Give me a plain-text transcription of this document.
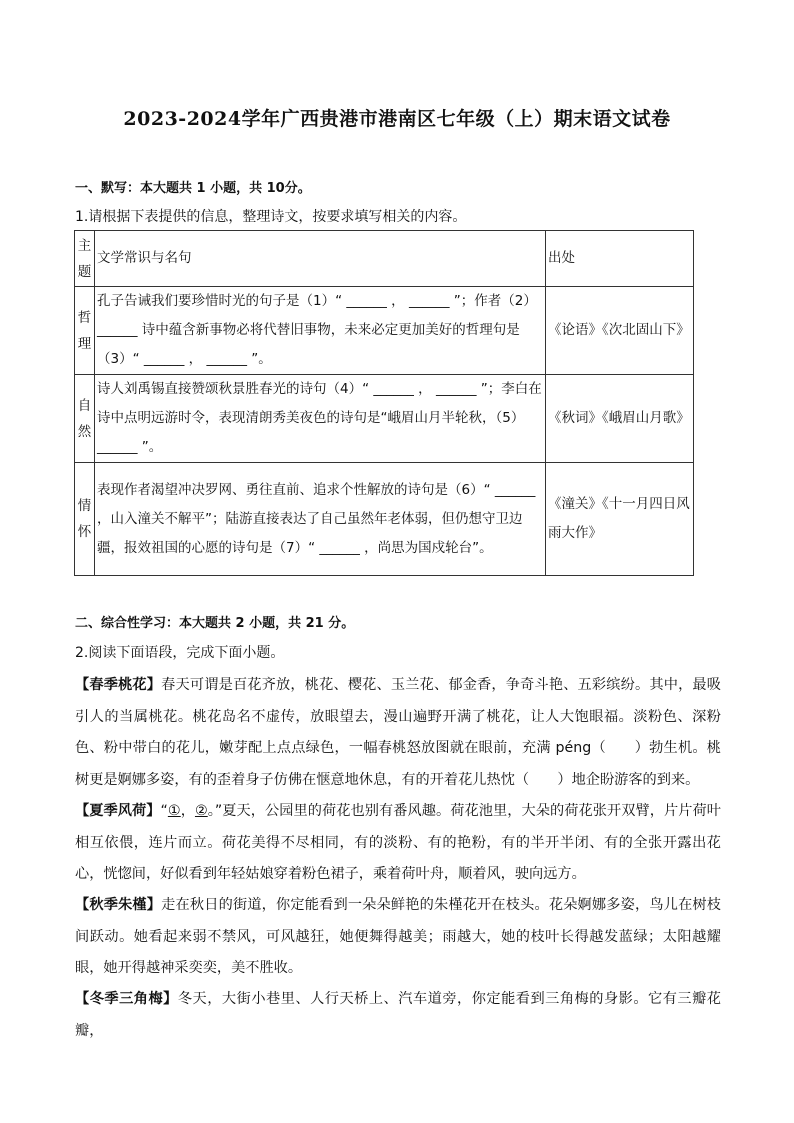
2023-2024学年广西贵港市港南区七年级（上）期末语文试卷
一、默写：本大题共 1 小题，共 10分。
1.请根据下表提供的信息，整理诗文，按要求填写相关的内容。
主题	文学常识与名句	出处
哲理	孔子告诫我们要珍惜时光的句子是（1）“ ______ ， ______ ”；作者（2） ______ 诗中蕴含新事物必将代替旧事物，未来必定更加美好的哲理句是（3）“ ______ ， ______ ”。	《论语》《次北固山下》
自然	诗人刘禹锡直接赞颂秋景胜春光的诗句（4）“ ______ ， ______ ”；李白在诗中点明远游时令，表现清朗秀美夜色的诗句是“峨眉山月半轮秋，（5） ______ ”。	《秋词》《峨眉山月歌》
情怀	表现作者渴望冲决罗网、勇往直前、追求个性解放的诗句是（6）“ ______ ，山入潼关不解平”；陆游直接表达了自己虽然年老体弱，但仍想守卫边疆，报效祖国的心愿的诗句是（7）“ ______ ，尚思为国戍轮台”。	《潼关》《十一月四日风雨大作》
二、综合性学习：本大题共 2 小题，共 21 分。
2.阅读下面语段，完成下面小题。
【春季桃花】春天可谓是百花齐放，桃花、樱花、玉兰花、郁金香，争奇斗艳、五彩缤纷。其中，最吸引人的当属桃花。桃花岛名不虚传，放眼望去，漫山遍野开满了桃花，让人大饱眼福。淡粉色、深粉色、粉中带白的花儿，嫩芽配上点点绿色，一幅春桃怒放图就在眼前，充满 péng（　　）勃生机。桃树更是婀娜多姿，有的歪着身子仿佛在惬意地休息，有的开着花儿热忱（　　）地企盼游客的到来。
【夏季风荷】“①，②。”夏天，公园里的荷花也别有番风趣。荷花池里，大朵的荷花张开双臂，片片荷叶相互依偎，连片而立。荷花美得不尽相同，有的淡粉、有的艳粉，有的半开半闭、有的全张开露出花心，恍惚间，好似看到年轻姑娘穿着粉色裙子，乘着荷叶舟，顺着风，驶向远方。
【秋季朱槿】走在秋日的街道，你定能看到一朵朵鲜艳的朱槿花开在枝头。花朵婀娜多姿，鸟儿在树枝间跃动。她看起来弱不禁风，可风越狂，她便舞得越美；雨越大，她的枝叶长得越发蓝绿；太阳越耀眼，她开得越神采奕奕，美不胜收。
【冬季三角梅】冬天，大街小巷里、人行天桥上、汽车道旁，你定能看到三角梅的身影。它有三瓣花瓣，
